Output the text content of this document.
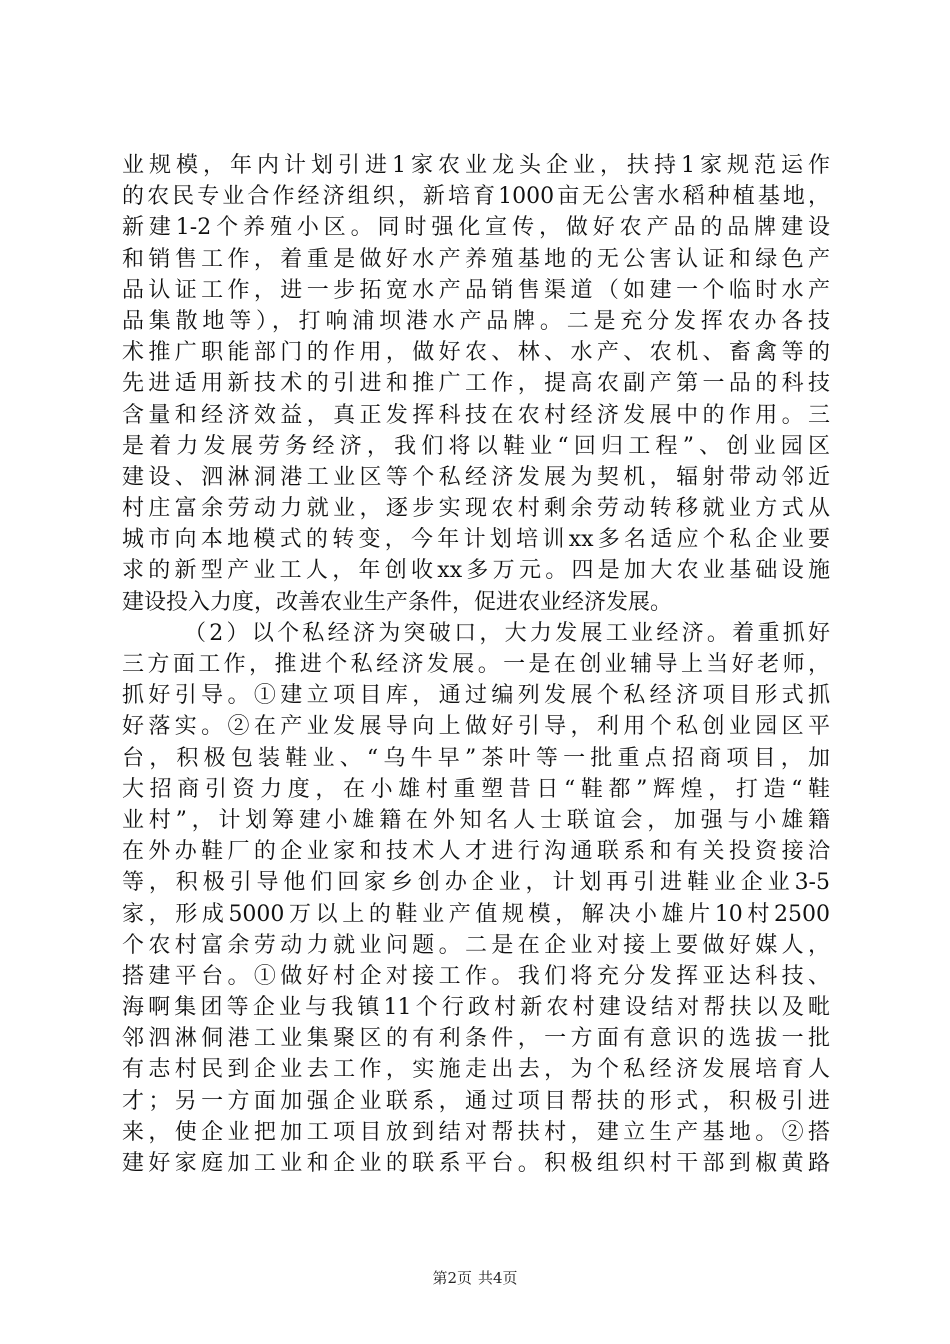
业规模，年内计划引进1家农业龙头企业，扶持1家规范运作
的农民专业合作经济组织，新培育1000亩无公害水稻种植基地，
新建1-2个养殖小区。同时强化宣传，做好农产品的品牌建设
和销售工作，着重是做好水产养殖基地的无公害认证和绿色产
品认证工作，进一步拓宽水产品销售渠道（如建一个临时水产
品集散地等），打响浦坝港水产品牌。二是充分发挥农办各技
术推广职能部门的作用，做好农、林、水产、农机、畜禽等的
先进适用新技术的引进和推广工作，提高农副产第一品的科技
含量和经济效益，真正发挥科技在农村经济发展中的作用。三
是着力发展劳务经济，我们将以鞋业“回归工程”、创业园区
建设、泗淋洞港工业区等个私经济发展为契机，辐射带动邻近
村庄富余劳动力就业，逐步实现农村剩余劳动转移就业方式从
城市向本地模式的转变，今年计划培训xx多名适应个私企业要
求的新型产业工人，年创收xx多万元。四是加大农业基础设施
建设投入力度，改善农业生产条件，促进农业经济发展。
（2）以个私经济为突破口，大力发展工业经济。着重抓好
三方面工作，推进个私经济发展。一是在创业辅导上当好老师，
抓好引导。①建立项目库，通过编列发展个私经济项目形式抓
好落实。②在产业发展导向上做好引导，利用个私创业园区平
台，积极包装鞋业、“乌牛早”茶叶等一批重点招商项目，加
大招商引资力度，在小雄村重塑昔日“鞋都”辉煌，打造“鞋
业村”，计划筹建小雄籍在外知名人士联谊会，加强与小雄籍
在外办鞋厂的企业家和技术人才进行沟通联系和有关投资接洽
等，积极引导他们回家乡创办企业，计划再引进鞋业企业3-5
家，形成5000万以上的鞋业产值规模，解决小雄片10村2500
个农村富余劳动力就业问题。二是在企业对接上要做好媒人，
搭建平台。①做好村企对接工作。我们将充分发挥亚达科技、
海啊集团等企业与我镇11个行政村新农村建设结对帮扶以及毗
邻泗淋侗港工业集聚区的有利条件，一方面有意识的选拔一批
有志村民到企业去工作，实施走出去，为个私经济发展培育人
才；另一方面加强企业联系，通过项目帮扶的形式，积极引进
来，使企业把加工项目放到结对帮扶村，建立生产基地。②搭
建好家庭加工业和企业的联系平台。积极组织村干部到椒黄路
第2页 共4页
